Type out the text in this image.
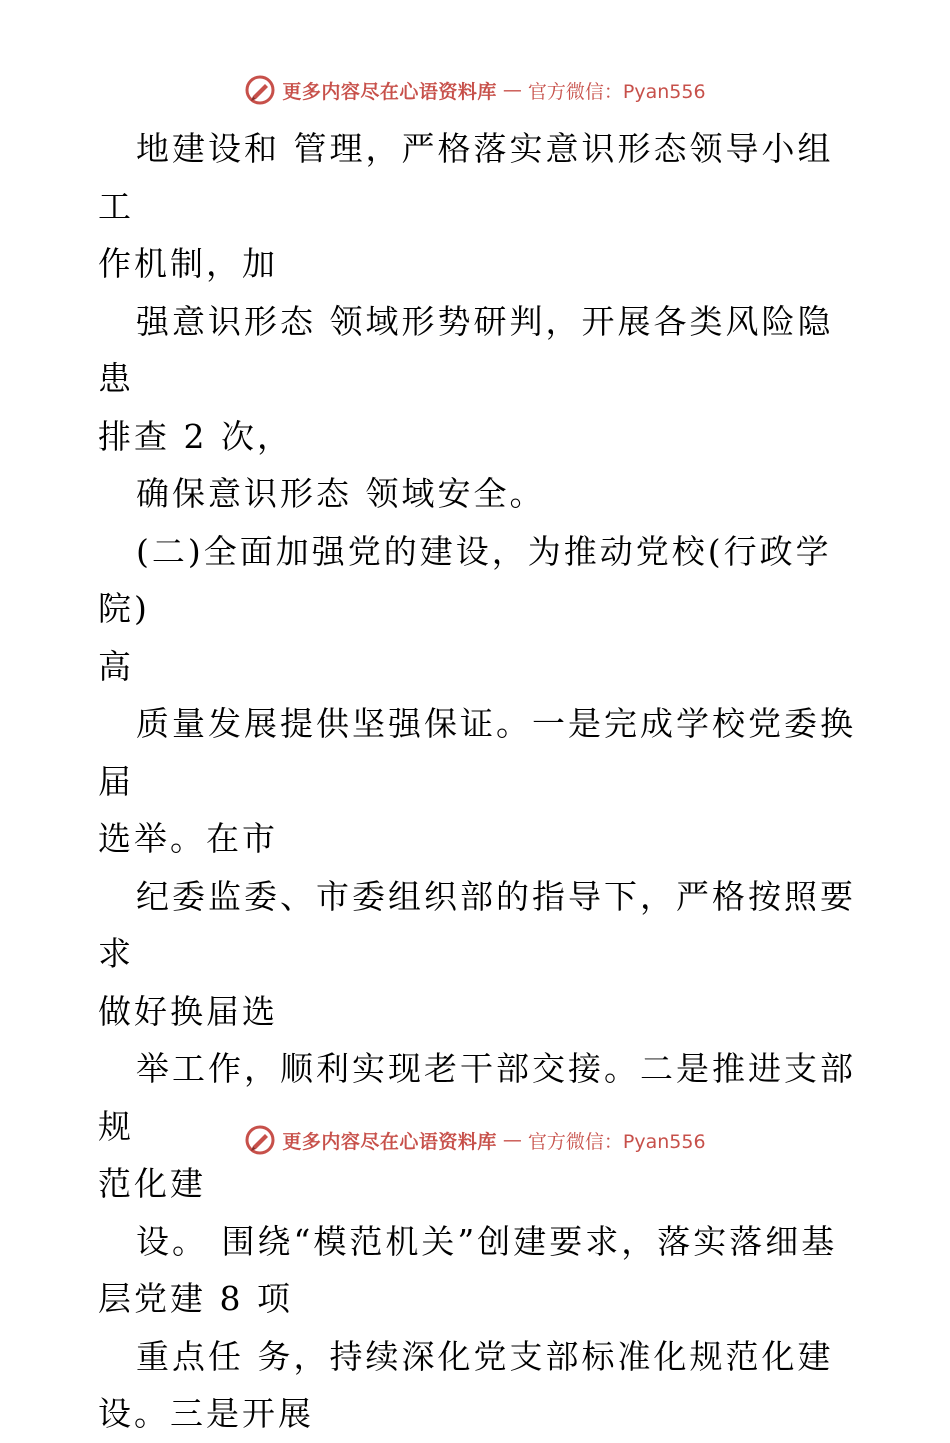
更多内容尽在心语资料库 — 官方微信：Pyan556

地建设和 管理，严格落实意识形态领导小组工
作机制，加

强意识形态 领域形势研判，开展各类风险隐患
排查 2 次，

确保意识形态 领域安全。

(二)全面加强党的建设，为推动党校(行政学院)
高

质量发展提供坚强保证。一是完成学校党委换届
选举。在市

纪委监委、市委组织部的指导下，严格按照要求
做好换届选

举工作，顺利实现老干部交接。二是推进支部规
范化建

设。 围绕“模范机关”创建要求，落实落细基
层党建 8 项

重点任 务，持续深化党支部标准化规范化建
设。三是开展

更多内容尽在心语资料库 — 官方微信：Pyan556
